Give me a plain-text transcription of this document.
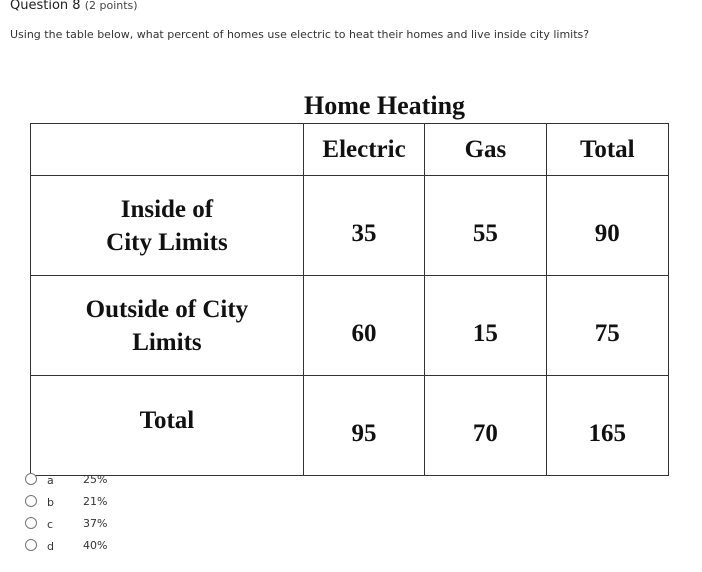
Question 8 (2 points)
Using the table below, what percent of homes use electric to heat their homes and live inside city limits?
Home Heating
	Electric	Gas	Total

Inside of
City Limits	35	55	90

Outside of City
Limits	60	15	75
Total	95	70	165
a	25%
b	21%
c	37%
d	40%
